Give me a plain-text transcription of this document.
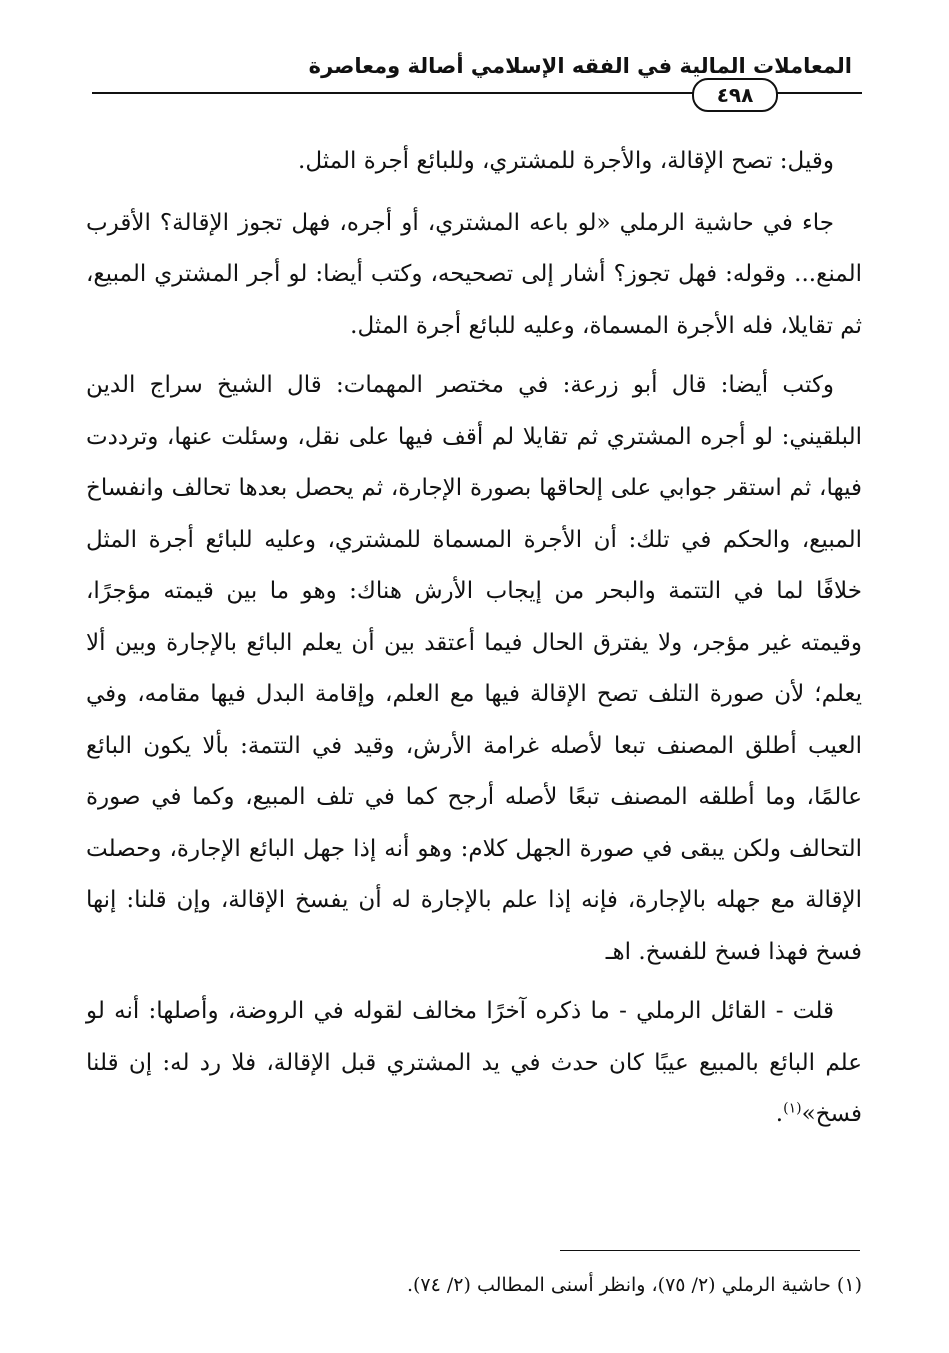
المعاملات المالية في الفقه الإسلامي أصالة ومعاصرة
٤٩٨

وقيل: تصح الإقالة، والأجرة للمشتري، وللبائع أجرة المثل.

جاء في حاشية الرملي «لو باعه المشتري، أو أجره، فهل تجوز الإقالة؟ الأقرب المنع... وقوله: فهل تجوز؟ أشار إلى تصحيحه، وكتب أيضا: لو أجر المشتري المبيع، ثم تقايلا، فله الأجرة المسماة، وعليه للبائع أجرة المثل.

وكتب أيضا: قال أبو زرعة: في مختصر المهمات: قال الشيخ سراج الدين البلقيني: لو أجره المشتري ثم تقايلا لم أقف فيها على نقل، وسئلت عنها، وترددت فيها، ثم استقر جوابي على إلحاقها بصورة الإجارة، ثم يحصل بعدها تحالف وانفساخ المبيع، والحكم في تلك: أن الأجرة المسماة للمشتري، وعليه للبائع أجرة المثل خلافًا لما في التتمة والبحر من إيجاب الأرش هناك: وهو ما بين قيمته مؤجرًا، وقيمته غير مؤجر، ولا يفترق الحال فيما أعتقد بين أن يعلم البائع بالإجارة وبين ألا يعلم؛ لأن صورة التلف تصح الإقالة فيها مع العلم، وإقامة البدل فيها مقامه، وفي العيب أطلق المصنف تبعا لأصله غرامة الأرش، وقيد في التتمة: بألا يكون البائع عالمًا، وما أطلقه المصنف تبعًا لأصله أرجح كما في تلف المبيع، وكما في صورة التحالف ولكن يبقى في صورة الجهل كلام: وهو أنه إذا جهل البائع الإجارة، وحصلت الإقالة مع جهله بالإجارة، فإنه إذا علم بالإجارة له أن يفسخ الإقالة، وإن قلنا: إنها فسخ فهذا فسخ للفسخ. اهـ

قلت - القائل الرملي - ما ذكره آخرًا مخالف لقوله في الروضة، وأصلها: أنه لو علم البائع بالمبيع عيبًا كان حدث في يد المشتري قبل الإقالة، فلا رد له: إن قلنا فسخ»$^{(١)}$.

(١) حاشية الرملي (٢/ ٧٥)، وانظر أسنى المطالب (٢/ ٧٤).
